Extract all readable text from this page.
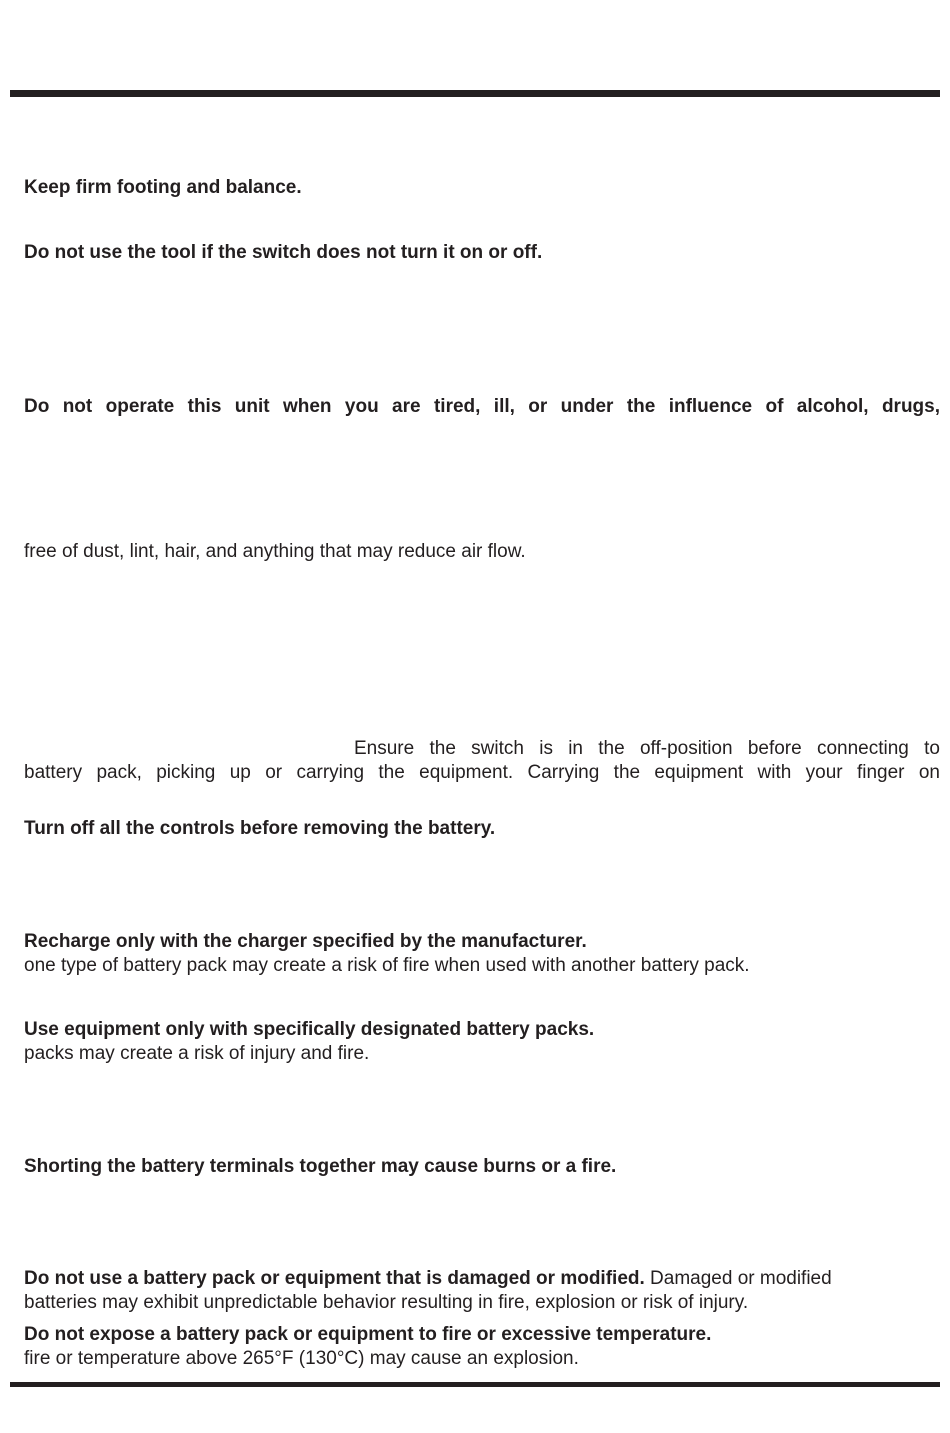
Keep firm footing and balance.
Do not use the tool if the switch does not turn it on or off.
Do not operate this unit when you are tired, ill, or under the influence of alcohol, drugs,
free of dust, lint, hair, and anything that may reduce air flow.
Ensure the switch is in the off-position before connecting to
battery pack, picking up or carrying the equipment. Carrying the equipment with your finger on
Turn off all the controls before removing the battery.
Recharge only with the charger specified by the manufacturer.
one type of battery pack may create a risk of fire when used with another battery pack.
Use equipment only with specifically designated battery packs.
packs may create a risk of injury and fire.
Shorting the battery terminals together may cause burns or a fire.
Do not use a battery pack or equipment that is damaged or modified. Damaged or modified
batteries may exhibit unpredictable behavior resulting in fire, explosion or risk of injury.
Do not expose a battery pack or equipment to fire or excessive temperature.
fire or temperature above 265°F (130°C) may cause an explosion.
